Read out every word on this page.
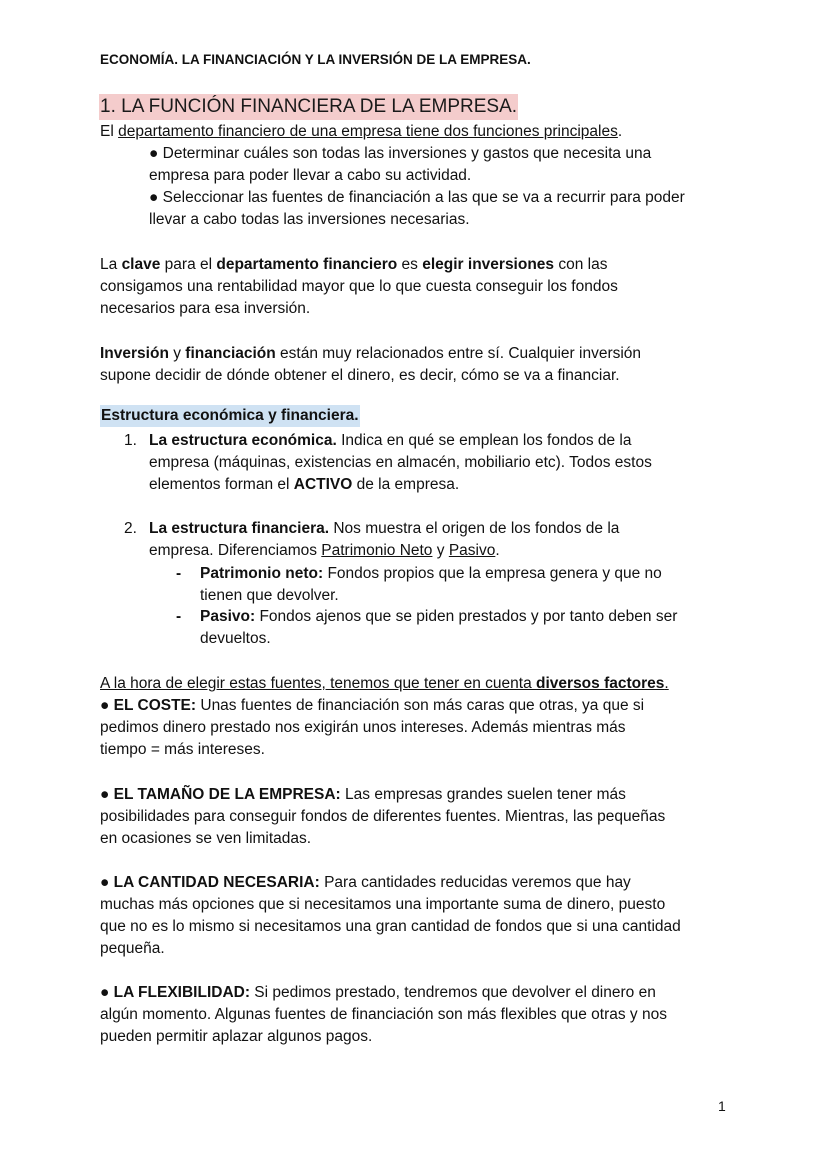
ECONOMÍA. LA FINANCIACIÓN Y LA INVERSIÓN DE LA EMPRESA.
1. LA FUNCIÓN FINANCIERA DE LA EMPRESA.
El departamento financiero de una empresa tiene dos funciones principales.
● Determinar cuáles son todas las inversiones y gastos que necesita una
empresa para poder llevar a cabo su actividad.
● Seleccionar las fuentes de financiación a las que se va a recurrir para poder
llevar a cabo todas las inversiones necesarias.
La clave para el departamento financiero es elegir inversiones con las
consigamos una rentabilidad mayor que lo que cuesta conseguir los fondos
necesarios para esa inversión.
Inversión y financiación están muy relacionados entre sí. Cualquier inversión
supone decidir de dónde obtener el dinero, es decir, cómo se va a financiar.
Estructura económica y financiera.
1. La estructura económica. Indica en qué se emplean los fondos de la
empresa (máquinas, existencias en almacén, mobiliario etc). Todos estos
elementos forman el ACTIVO de la empresa.
2. La estructura financiera. Nos muestra el origen de los fondos de la
empresa. Diferenciamos Patrimonio Neto y Pasivo.
- Patrimonio neto: Fondos propios que la empresa genera y que no
tienen que devolver.
- Pasivo: Fondos ajenos que se piden prestados y por tanto deben ser
devueltos.
A la hora de elegir estas fuentes, tenemos que tener en cuenta diversos factores.
● EL COSTE: Unas fuentes de financiación son más caras que otras, ya que si
pedimos dinero prestado nos exigirán unos intereses. Además mientras más
tiempo = más intereses.
● EL TAMAÑO DE LA EMPRESA: Las empresas grandes suelen tener más
posibilidades para conseguir fondos de diferentes fuentes. Mientras, las pequeñas
en ocasiones se ven limitadas.
● LA CANTIDAD NECESARIA: Para cantidades reducidas veremos que hay
muchas más opciones que si necesitamos una importante suma de dinero, puesto
que no es lo mismo si necesitamos una gran cantidad de fondos que si una cantidad
pequeña.
● LA FLEXIBILIDAD: Si pedimos prestado, tendremos que devolver el dinero en
algún momento. Algunas fuentes de financiación son más flexibles que otras y nos
pueden permitir aplazar algunos pagos.
1
